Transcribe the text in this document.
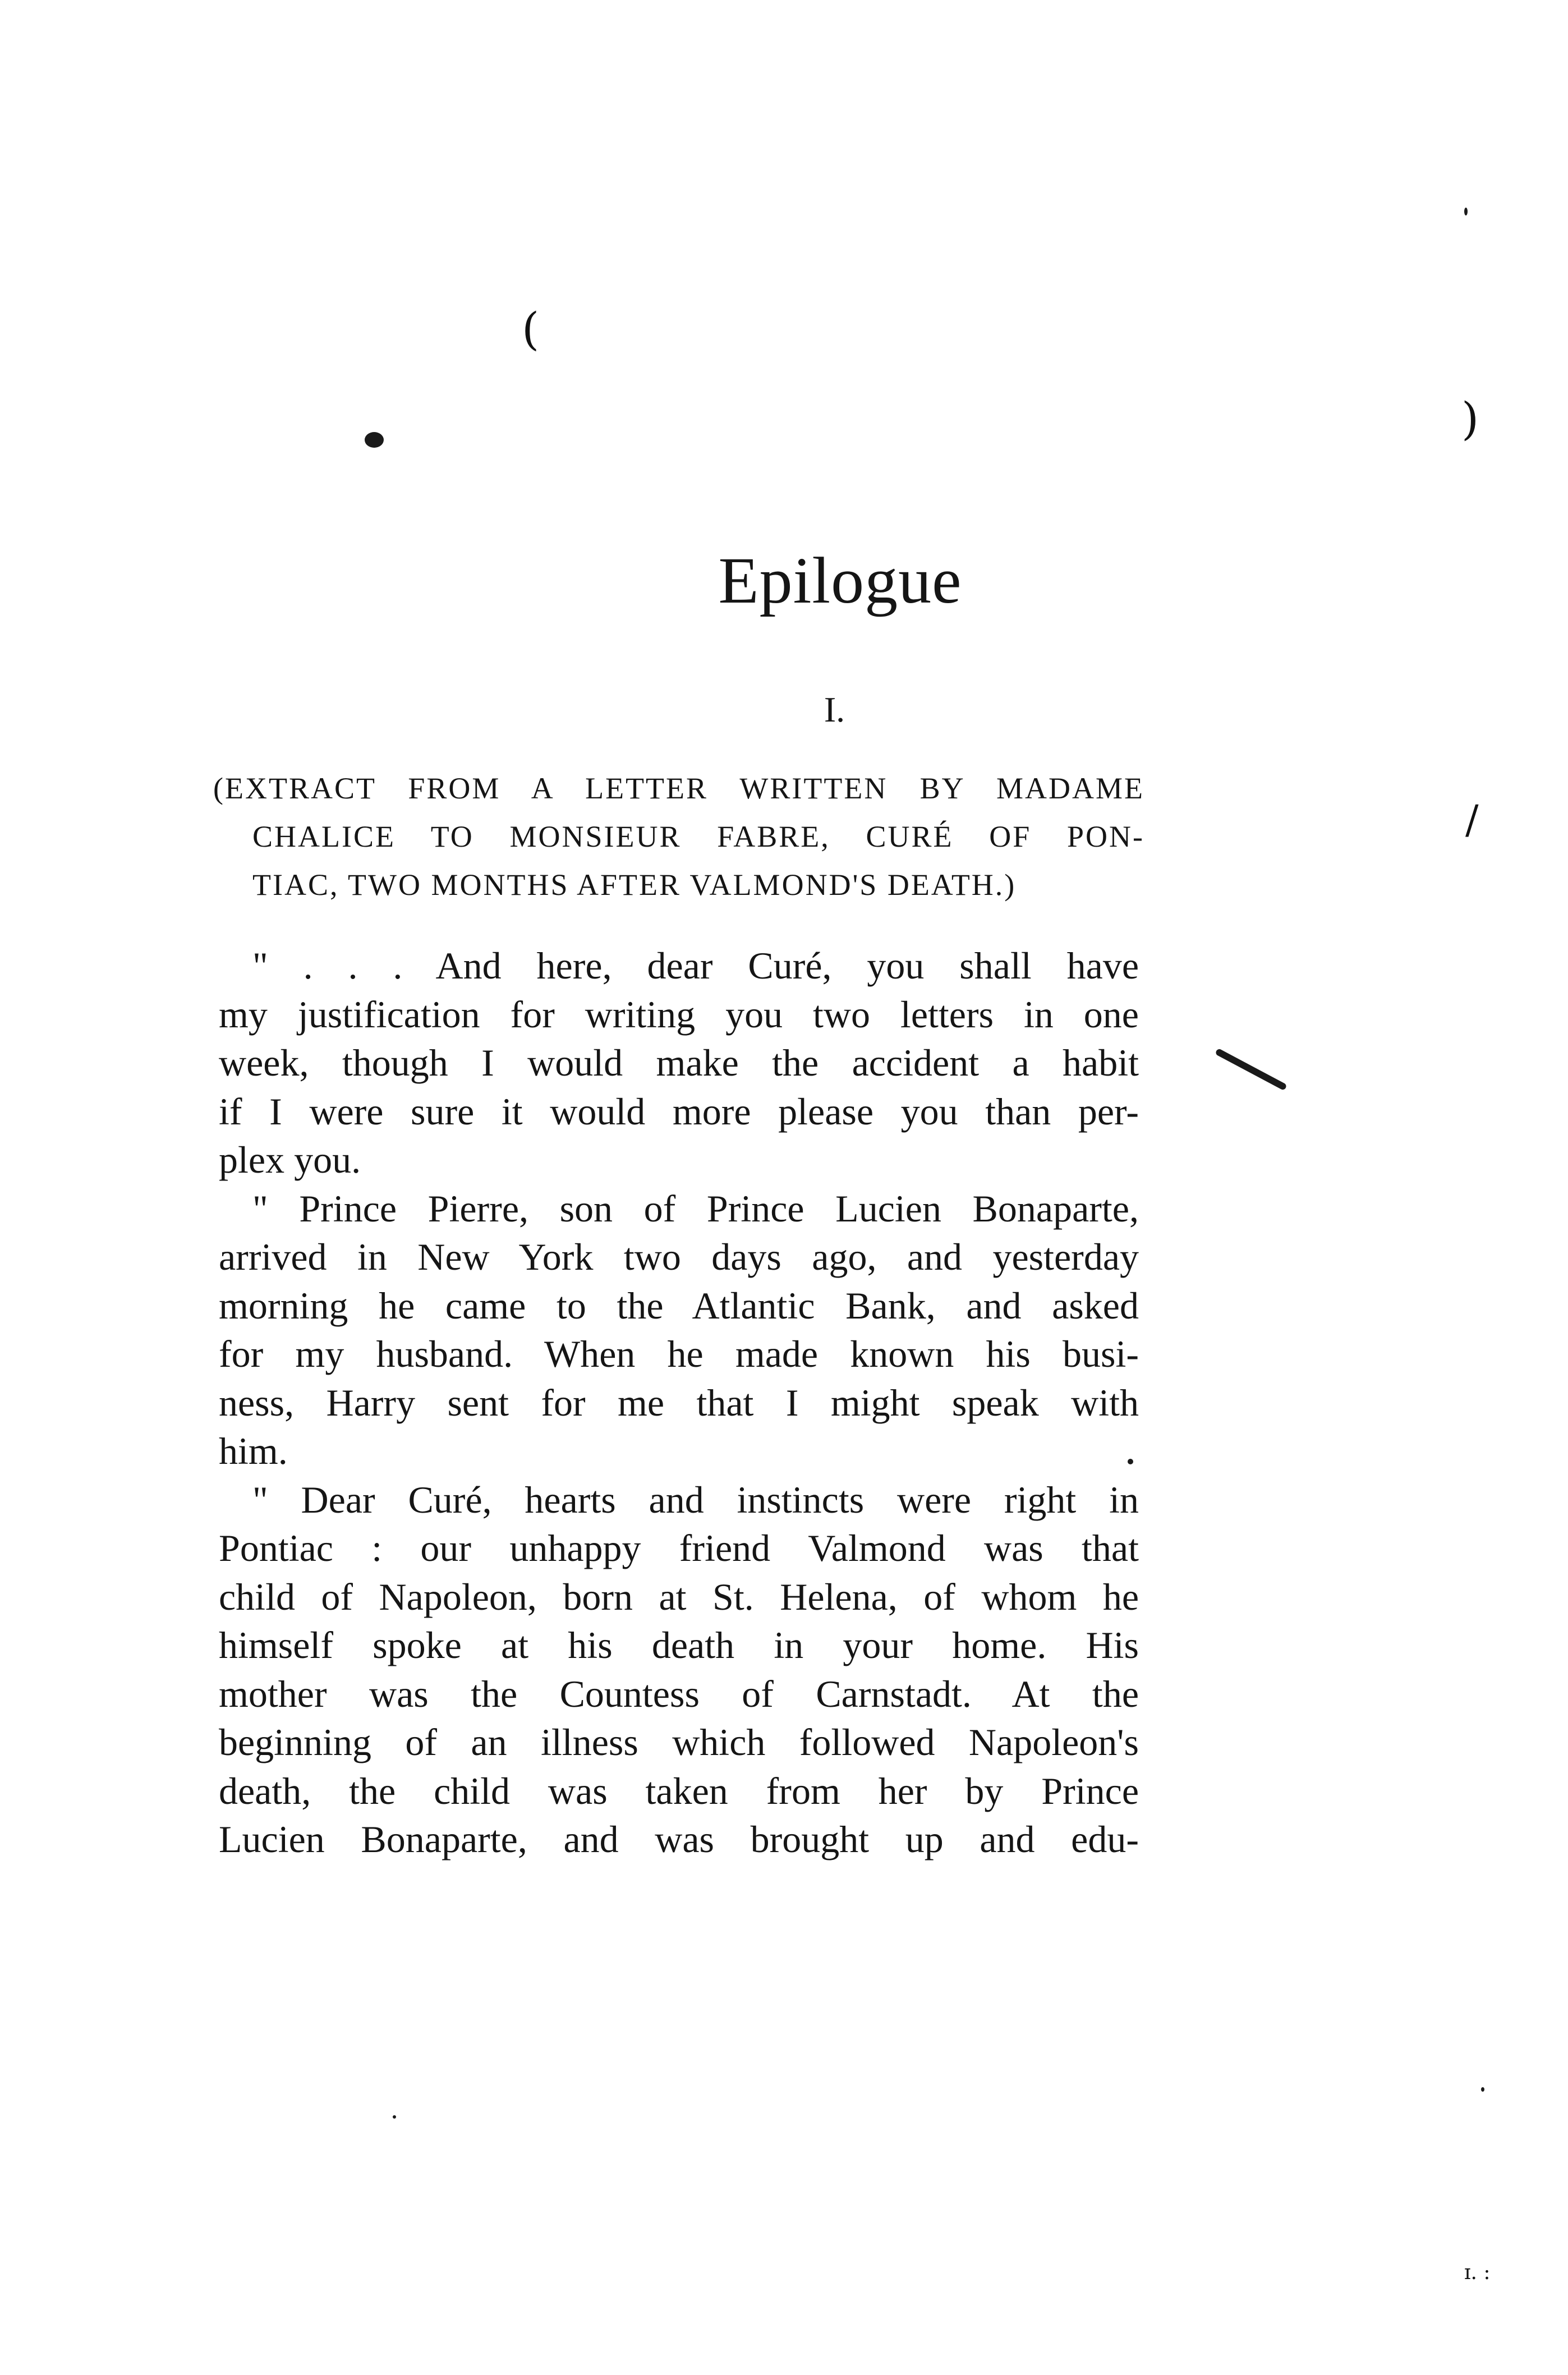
(
)
/
ɪ. :
Epilogue
I.
(EXTRACT FROM A LETTER WRITTEN BY MADAME
CHALICE TO MONSIEUR FABRE, CURÉ OF PON-
TIAC, TWO MONTHS AFTER VALMOND'S DEATH.)
" . . . And here, dear Curé, you shall have
my justification for writing you two letters in one
week, though I would make the accident a habit
if I were sure it would more please you than per-
plex you.
" Prince Pierre, son of Prince Lucien Bonaparte,
arrived in New York two days ago, and yesterday
morning he came to the Atlantic Bank, and asked
for my husband. When he made known his busi-
ness, Harry sent for me that I might speak with
him.
" Dear Curé, hearts and instincts were right in
Pontiac : our unhappy friend Valmond was that
child of Napoleon, born at St. Helena, of whom he
himself spoke at his death in your home. His
mother was the Countess of Carnstadt. At the
beginning of an illness which followed Napoleon's
death, the child was taken from her by Prince
Lucien Bonaparte, and was brought up and edu-
